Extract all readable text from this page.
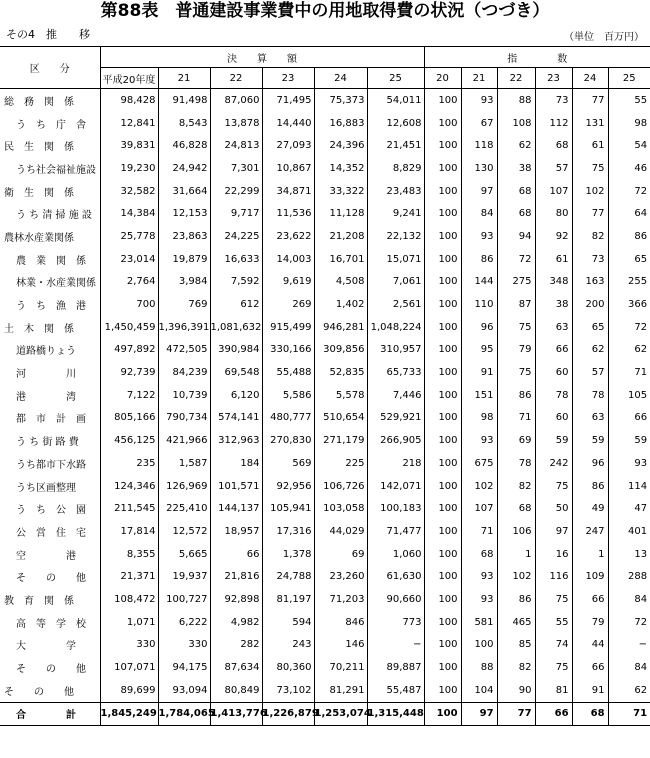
第88表　普通建設事業費中の用地取得費の状況（つづき）
その4　推　　移	（単位　百万円）
区　　分	決　　算　　額						指　　　　数					
	平成20年度	21	22	23	24	25	20	21	22	23	24	25
総　務　関　係	98,428	91,498	87,060	71,495	75,373	54,011	100	93	88	73	77	55
う　ち　庁　舎	12,841	8,543	13,878	14,440	16,883	12,608	100	67	108	112	131	98
民　生　関　係	39,831	46,828	24,813	27,093	24,396	21,451	100	118	62	68	61	54
うち社会福祉施設	19,230	24,942	7,301	10,867	14,352	8,829	100	130	38	57	75	46
衛　生　関　係	32,582	31,664	22,299	34,871	33,322	23,483	100	97	68	107	102	72
う ち 清 掃 施 設	14,384	12,153	9,717	11,536	11,128	9,241	100	84	68	80	77	64
農林水産業関係	25,778	23,863	24,225	23,622	21,208	22,132	100	93	94	92	82	86
農　業　関　係	23,014	19,879	16,633	14,003	16,701	15,071	100	86	72	61	73	65
林業・水産業関係	2,764	3,984	7,592	9,619	4,508	7,061	100	144	275	348	163	255
う　ち　漁　港	700	769	612	269	1,402	2,561	100	110	87	38	200	366
土　木　関　係	1,450,459	1,396,391	1,081,632	915,499	946,281	1,048,224	100	96	75	63	65	72
道路橋りょう	497,892	472,505	390,984	330,166	309,856	310,957	100	95	79	66	62	62
河　　　　川	92,739	84,239	69,548	55,488	52,835	65,733	100	91	75	60	57	71
港　　　　湾	7,122	10,739	6,120	5,586	5,578	7,446	100	151	86	78	78	105
都　市　計　画	805,166	790,734	574,141	480,777	510,654	529,921	100	98	71	60	63	66
う ち 街 路 費	456,125	421,966	312,963	270,830	271,179	266,905	100	93	69	59	59	59
うち都市下水路	235	1,587	184	569	225	218	100	675	78	242	96	93
うち区画整理	124,346	126,969	101,571	92,956	106,726	142,071	100	102	82	75	86	114
う　ち　公　園	211,545	225,410	144,137	105,941	103,058	100,183	100	107	68	50	49	47
公　営　住　宅	17,814	12,572	18,957	17,316	44,029	71,477	100	71	106	97	247	401
空　　　　港	8,355	5,665	66	1,378	69	1,060	100	68	1	16	1	13
そ　　の　　他	21,371	19,937	21,816	24,788	23,260	61,630	100	93	102	116	109	288
教　育　関　係	108,472	100,727	92,898	81,197	71,203	90,660	100	93	86	75	66	84
高　等　学　校	1,071	6,222	4,982	594	846	773	100	581	465	55	79	72
大　　　　学	330	330	282	243	146	−	100	100	85	74	44	−
そ　　の　　他	107,071	94,175	87,634	80,360	70,211	89,887	100	88	82	75	66	84
そ　　の　　他	89,699	93,094	80,849	73,102	81,291	55,487	100	104	90	81	91	62
合　　　　計	1,845,249	1,784,065	1,413,776	1,226,879	1,253,074	1,315,448	100	97	77	66	68	71
